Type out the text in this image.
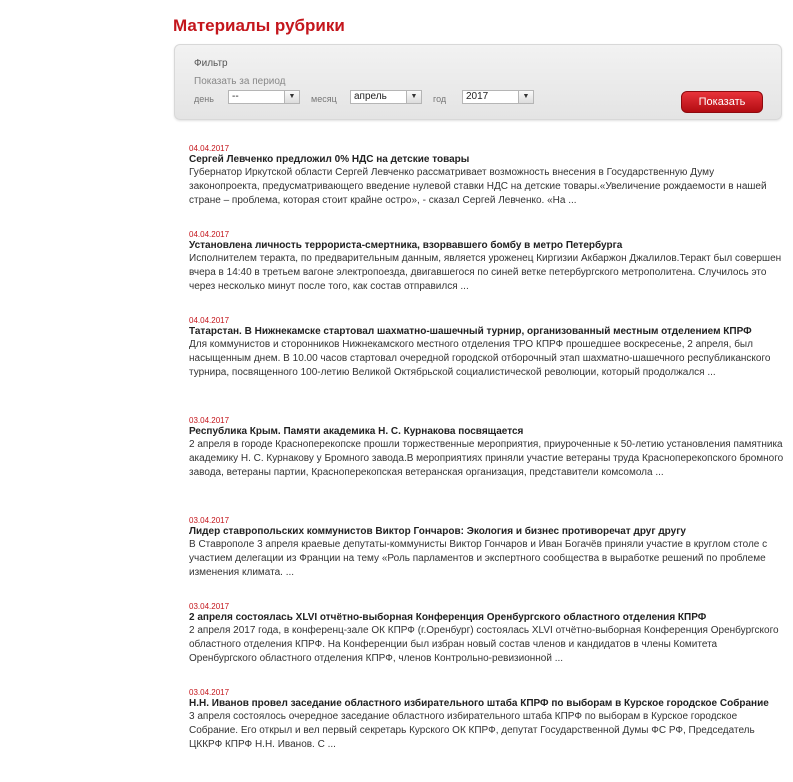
Материалы рубрики
Фильтр
Показать за период
день	--	▼	месяц	апрель	▼	год	2017	▼	Показать
04.04.2017
Сергей Левченко предложил 0% НДС на детские товары
Губернатор Иркутской области Сергей Левченко рассматривает возможность внесения в Государственную Думу законопроекта, предусматривающего введение нулевой ставки НДС на детские товары.«Увеличение рождаемости в нашей стране – проблема, которая стоит крайне остро», - сказал Сергей Левченко. «На ...
04.04.2017
Установлена личность террориста-смертника, взорвавшего бомбу в метро Петербурга
Исполнителем теракта, по предварительным данным, является уроженец Киргизии Акбаржон Джалилов.Теракт был совершен вчера в 14:40 в третьем вагоне электропоезда, двигавшегося по синей ветке петербургского метрополитена. Случилось это через несколько минут после того, как состав отправился ...
04.04.2017
Татарстан. В Нижнекамске стартовал шахматно-шашечный турнир, организованный местным отделением КПРФ
Для коммунистов и сторонников Нижнекамского местного отделения ТРО КПРФ прошедшее воскресенье, 2 апреля, был насыщенным днем. В 10.00 часов стартовал очередной городской отборочный этап шахматно-шашечного республиканского турнира, посвященного 100-летию Великой Октябрьской социалистической революции, который продолжался ...
03.04.2017
Республика Крым. Памяти академика Н. С. Курнакова посвящается
2 апреля в городе Красноперекопске прошли торжественные мероприятия, приуроченные к 50-летию установления памятника академику Н. С. Курнакову у Бромного завода.В мероприятиях приняли участие ветераны труда Красноперекопского бромного завода, ветераны партии, Красноперекопская ветеранская организация, представители комсомола ...
03.04.2017
Лидер ставропольских коммунистов Виктор Гончаров: Экология и бизнес противоречат друг другу
В Ставрополе 3 апреля краевые депутаты-коммунисты Виктор Гончаров и Иван Богачёв приняли участие в круглом столе с участием делегации из Франции на тему «Роль парламентов и экспертного сообщества в выработке решений по проблеме изменения климата. ...
03.04.2017
2 апреля состоялась XLVI отчётно-выборная Конференция Оренбургского областного отделения КПРФ
2 апреля 2017 года, в конференц-зале ОК КПРФ (г.Оренбург) состоялась XLVI отчётно-выборная Конференция Оренбургского областного отделения КПРФ. На Конференции был избран новый состав членов и кандидатов в члены Комитета Оренбургского областного отделения КПРФ, членов Контрольно-ревизионной ...
03.04.2017
Н.Н. Иванов провел заседание областного избирательного штаба КПРФ по выборам в Курское городское Собрание
3 апреля состоялось очередное заседание областного избирательного штаба КПРФ по выборам в Курское городское Собрание. Его открыл и вел первый секретарь Курского ОК КПРФ, депутат Государственной Думы ФС РФ, Председатель ЦККРФ КПРФ Н.Н. Иванов. С ...
